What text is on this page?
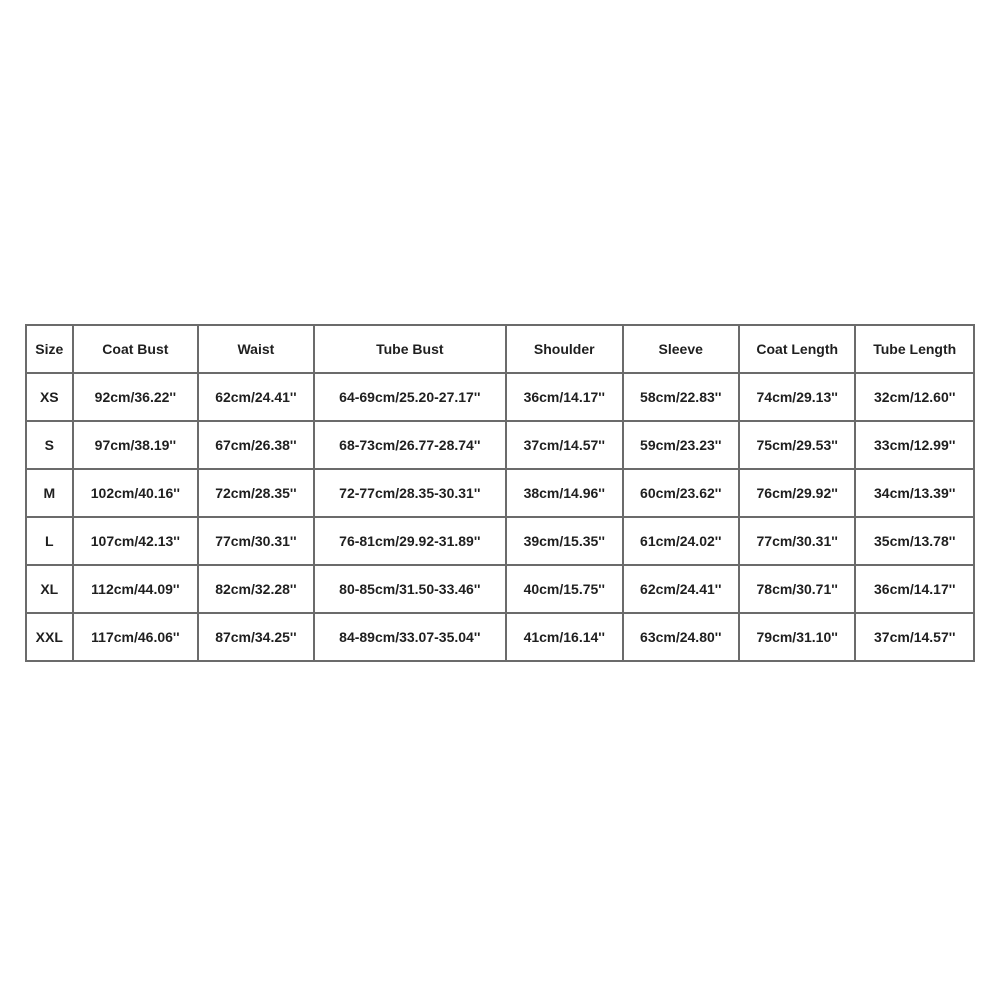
Size	Coat Bust	Waist	Tube Bust	Shoulder	Sleeve	Coat Length	Tube Length
XS	92cm/36.22''	62cm/24.41''	64-69cm/25.20-27.17''	36cm/14.17''	58cm/22.83''	74cm/29.13''	32cm/12.60''
S	97cm/38.19''	67cm/26.38''	68-73cm/26.77-28.74''	37cm/14.57''	59cm/23.23''	75cm/29.53''	33cm/12.99''
M	102cm/40.16''	72cm/28.35''	72-77cm/28.35-30.31''	38cm/14.96''	60cm/23.62''	76cm/29.92''	34cm/13.39''
L	107cm/42.13''	77cm/30.31''	76-81cm/29.92-31.89''	39cm/15.35''	61cm/24.02''	77cm/30.31''	35cm/13.78''
XL	112cm/44.09''	82cm/32.28''	80-85cm/31.50-33.46''	40cm/15.75''	62cm/24.41''	78cm/30.71''	36cm/14.17''
XXL	117cm/46.06''	87cm/34.25''	84-89cm/33.07-35.04''	41cm/16.14''	63cm/24.80''	79cm/31.10''	37cm/14.57''
